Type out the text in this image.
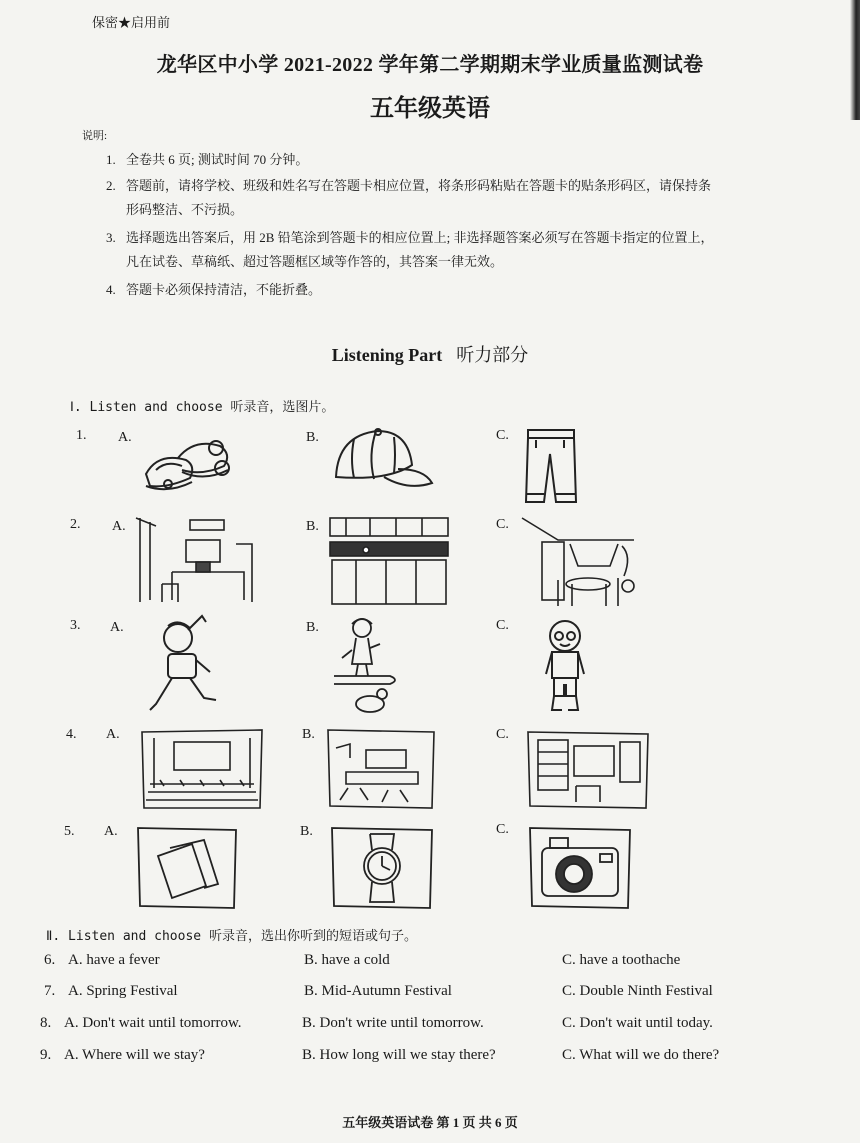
保密★启用前
龙华区中小学 2021-2022 学年第二学期期末学业质量监测试卷
五年级英语
说明:
1. 全卷共 6 页; 测试时间 70 分钟。
2. 答题前，请将学校、班级和姓名写在答题卡相应位置，将条形码粘贴在答题卡的贴条形码区，请保持条
形码整洁、不污损。
3. 选择题选出答案后，用 2B 铅笔涂到答题卡的相应位置上; 非选择题答案必须写在答题卡指定的位置上，
凡在试卷、草稿纸、超过答题框区域等作答的，其答案一律无效。
4. 答题卡必须保持清洁，不能折叠。
Listening Part 听力部分
Ⅰ. Listen and choose 听录音，选图片。
1. A.	B.	C.
2. A.	B.	C.
3. A.	B.	C.
4. A.	B.	C.
5. A.	B.	C.
Ⅱ. Listen and choose 听录音，选出你听到的短语或句子。
6. A. have a fever	B. have a cold	C. have a toothache
7. A. Spring Festival	B. Mid-Autumn Festival	C. Double Ninth Festival
8. A. Don't wait until tomorrow.	B. Don't write until tomorrow.	C. Don't wait until today.
9. A. Where will we stay?	B. How long will we stay there?	C. What will we do there?
五年级英语试卷 第 1 页 共 6 页
